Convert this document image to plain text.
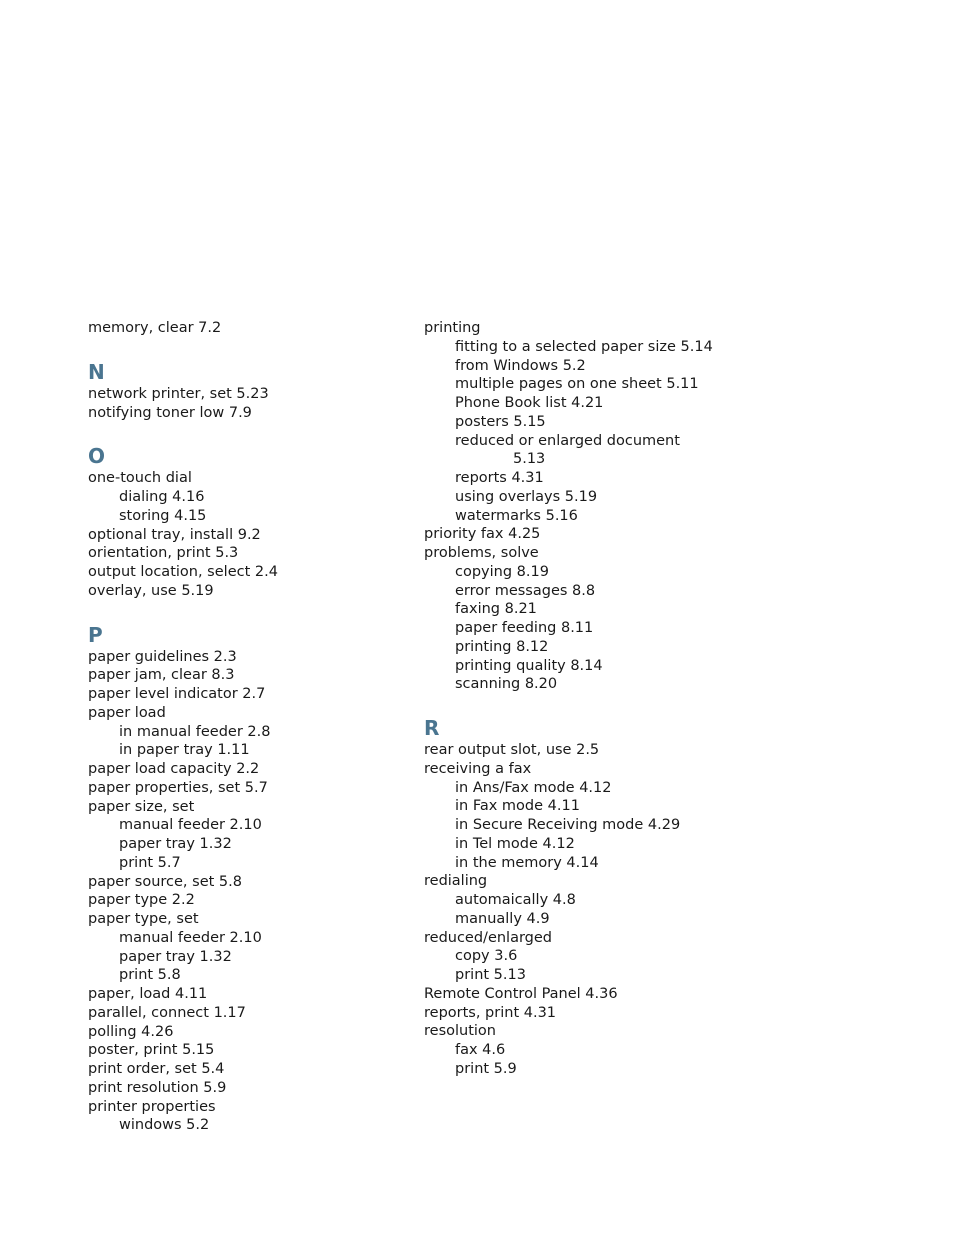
memory, clear 7.2
N
network printer, set 5.23
notifying toner low 7.9
O
one-touch dial
dialing 4.16
storing 4.15
optional tray, install 9.2
orientation, print 5.3
output location, select 2.4
overlay, use 5.19
P
paper guidelines 2.3
paper jam, clear 8.3
paper level indicator 2.7
paper load
in manual feeder 2.8
in paper tray 1.11
paper load capacity 2.2
paper properties, set 5.7
paper size, set
manual feeder 2.10
paper tray 1.32
print 5.7
paper source, set 5.8
paper type 2.2
paper type, set
manual feeder 2.10
paper tray 1.32
print 5.8
paper, load 4.11
parallel, connect 1.17
polling 4.26
poster, print 5.15
print order, set 5.4
print resolution 5.9
printer properties
windows 5.2
printing
fitting to a selected paper size 5.14
from Windows 5.2
multiple pages on one sheet 5.11
Phone Book list 4.21
posters 5.15
reduced or enlarged document
5.13
reports 4.31
using overlays 5.19
watermarks 5.16
priority fax 4.25
problems, solve
copying 8.19
error messages 8.8
faxing 8.21
paper feeding 8.11
printing 8.12
printing quality 8.14
scanning 8.20
R
rear output slot, use 2.5
receiving a fax
in Ans/Fax mode 4.12
in Fax mode 4.11
in Secure Receiving mode 4.29
in Tel mode 4.12
in the memory 4.14
redialing
automaically 4.8
manually 4.9
reduced/enlarged
copy 3.6
print 5.13
Remote Control Panel 4.36
reports, print 4.31
resolution
fax 4.6
print 5.9
